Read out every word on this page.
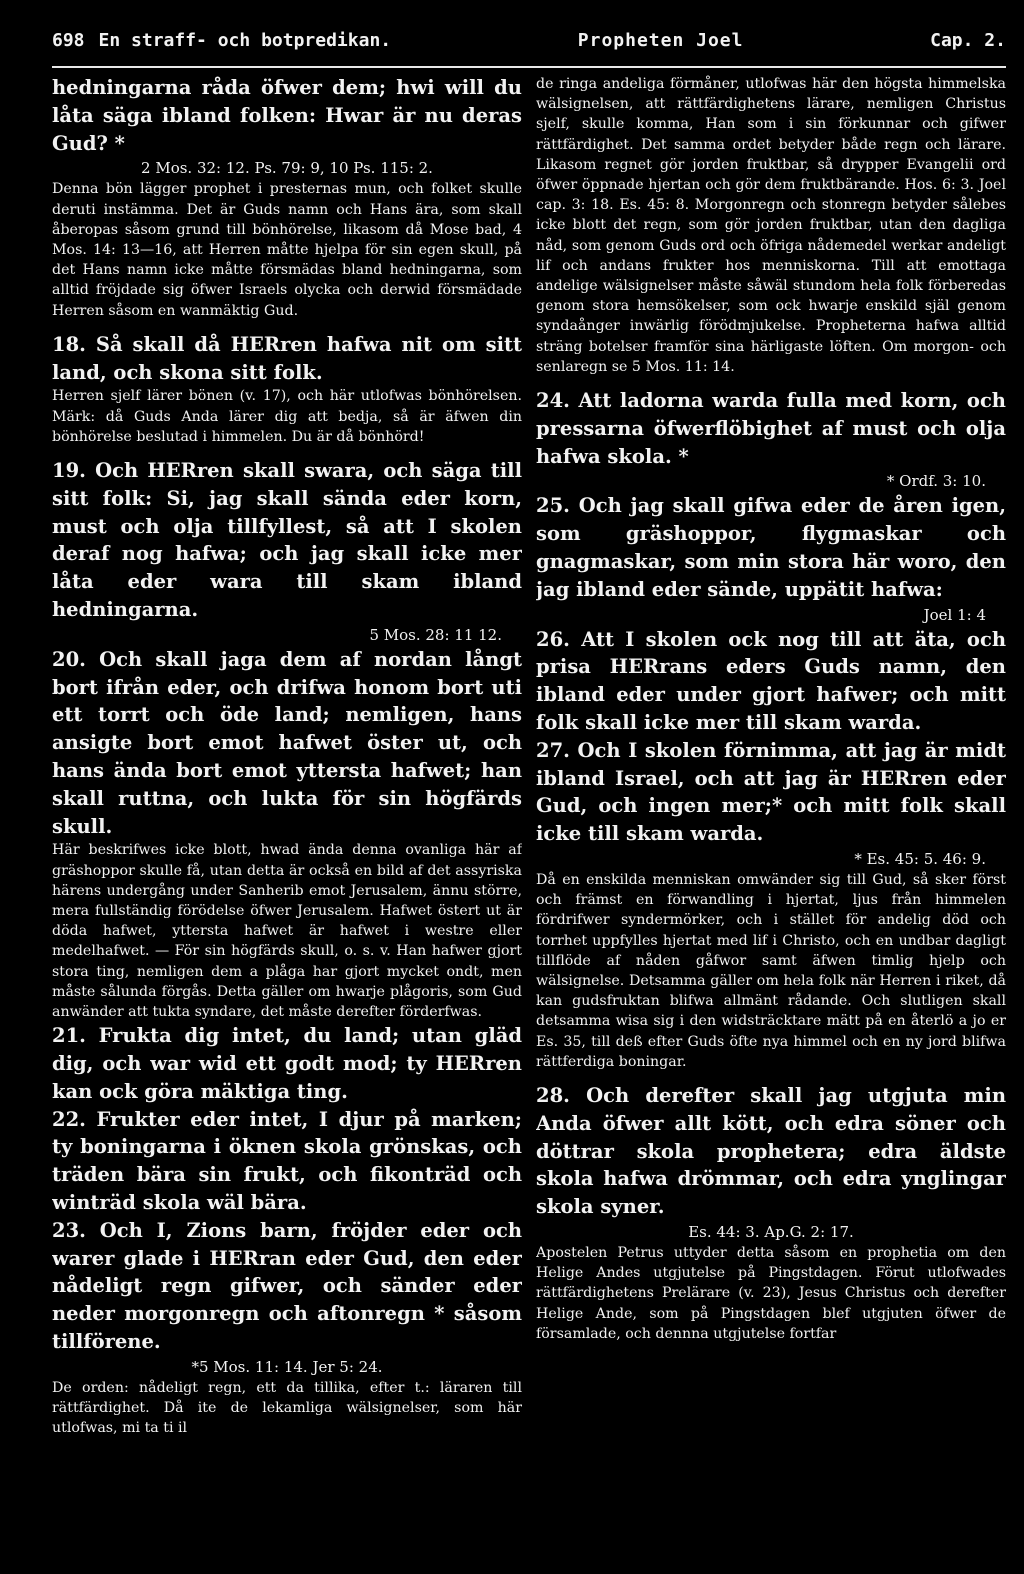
698 En straff- och botpredikan.	Propheten Joel	Cap. 2.

hedningarna råda öfwer dem; hwi will du låta säga ibland folken: Hwar är nu deras Gud? *

2 Mos. 32: 12. Ps. 79: 9, 10 Ps. 115: 2.

Denna bön lägger prophet i presternas mun, och folket skulle deruti instämma. Det är Guds namn och Hans ära, som skall åberopas såsom grund till bönhörelse, likasom då Mose bad, 4 Mos. 14: 13—16, att Herren måtte hjelpa för sin egen skull, på det Hans namn icke måtte försmädas bland hedningarna, som alltid fröjdade sig öfwer Israels olycka och derwid försmädade Herren såsom en wanmäktig Gud.

18. Så skall då HERren hafwa nit om sitt land, och skona sitt folk.

Herren sjelf lärer bönen (v. 17), och här utlofwas bönhörelsen. Märk: då Guds Anda lärer dig att bedja, så är äfwen din bönhörelse beslutad i himmelen. Du är då bönhörd!

19. Och HERren skall swara, och säga till sitt folk: Si, jag skall sända eder korn, must och olja tillfyllest, så att I skolen deraf nog hafwa; och jag skall icke mer låta eder wara till skam ibland hedningarna.

5 Mos. 28: 11 12.

20. Och skall jaga dem af nordan långt bort ifrån eder, och drifwa honom bort uti ett torrt och öde land; nemligen, hans ansigte bort emot hafwet öster ut, och hans ända bort emot yttersta hafwet; han skall ruttna, och lukta för sin högfärds skull.

Här beskrifwes icke blott, hwad ända denna ovanliga här af gräshoppor skulle få, utan detta är också en bild af det assyriska härens undergång under Sanherib emot Jerusalem, ännu större, mera fullständig förödelse öfwer Jerusalem. Hafwet östert ut är döda hafwet, yttersta hafwet är hafwet i westre eller medelhafwet. — För sin högfärds skull, o. s. v. Han hafwer gjort stora ting, nemligen dem a plåga har gjort mycket ondt, men måste sålunda förgås. Detta gäller om hwarje plågoris, som Gud anwänder att tukta syndare, det måste derefter förderfwas.

21. Frukta dig intet, du land; utan gläd dig, och war wid ett godt mod; ty HERren kan ock göra mäktiga ting.

22. Frukter eder intet, I djur på marken; ty boningarna i öknen skola grönskas, och träden bära sin frukt, och fikonträd och winträd skola wäl bära.

23. Och I, Zions barn, fröjder eder och warer glade i HERran eder Gud, den eder nådeligt regn gifwer, och sänder eder neder morgonregn och aftonregn * såsom tillförene.

*5 Mos. 11: 14. Jer 5: 24.

De orden: nådeligt regn, ett da tillika, efter t.: läraren till rättfärdighet. Då ite de lekamliga wälsignelser, som här utlofwas, mi ta ti il

de ringa andeliga förmåner, utlofwas här den högsta himmelska wälsignelsen, att rättfärdighetens lärare, nemligen Christus sjelf, skulle komma, Han som i sin förkunnar och gifwer rättfärdighet. Det samma ordet betyder både regn och lärare. Likasom regnet gör jorden fruktbar, så drypper Evangelii ord öfwer öppnade hjertan och gör dem fruktbärande. Hos. 6: 3. Joel cap. 3: 18. Es. 45: 8. Morgonregn och stonregn betyder sålebes icke blott det regn, som gör jorden fruktbar, utan den dagliga nåd, som genom Guds ord och öfriga nådemedel werkar andeligt lif och andans frukter hos menniskorna. Till att emottaga andelige wälsignelser måste såwäl stundom hela folk förberedas genom stora hemsökelser, som ock hwarje enskild själ genom syndaånger inwärlig förödmjukelse. Propheterna hafwa alltid sträng botelser framför sina härligaste löften. Om morgon- och senlaregn se 5 Mos. 11: 14.

24. Att ladorna warda fulla med korn, och pressarna öfwerflöbighet af must och olja hafwa skola. *

* Ordf. 3: 10.

25. Och jag skall gifwa eder de åren igen, som gräshoppor, flygmaskar och gnagmaskar, som min stora här woro, den jag ibland eder sände, uppätit hafwa:

Joel 1: 4

26. Att I skolen ock nog till att äta, och prisa HERrans eders Guds namn, den ibland eder under gjort hafwer; och mitt folk skall icke mer till skam warda.

27. Och I skolen förnimma, att jag är midt ibland Israel, och att jag är HERren eder Gud, och ingen mer;* och mitt folk skall icke till skam warda.

* Es. 45: 5. 46: 9.

Då en enskilda menniskan omwänder sig till Gud, så sker först och främst en förwandling i hjertat, ljus från himmelen fördrifwer syndermörker, och i stället för andelig död och torrhet uppfylles hjertat med lif i Christo, och en undbar dagligt tillflöde af nåden gåfwor samt äfwen timlig hjelp och wälsignelse. Detsamma gäller om hela folk när Herren i riket, då kan gudsfruktan blifwa allmänt rådande. Och slutligen skall detsamma wisa sig i den widsträcktare mätt på en återlö a jo er Es. 35, till deß efter Guds öfte nya himmel och en ny jord blifwa rättferdiga boningar.

28. Och derefter skall jag utgjuta min Anda öfwer allt kött, och edra söner och döttrar skola prophetera; edra äldste skola hafwa drömmar, och edra ynglingar skola syner.

Es. 44: 3. Ap.G. 2: 17.

Apostelen Petrus uttyder detta såsom en prophetia om den Helige Andes utgjutelse på Pingstdagen. Förut utlofwades rättfärdighetens Prelärare (v. 23), Jesus Christus och derefter Helige Ande, som på Pingstdagen blef utgjuten öfwer de församlade, och dennna utgjutelse fortfar
